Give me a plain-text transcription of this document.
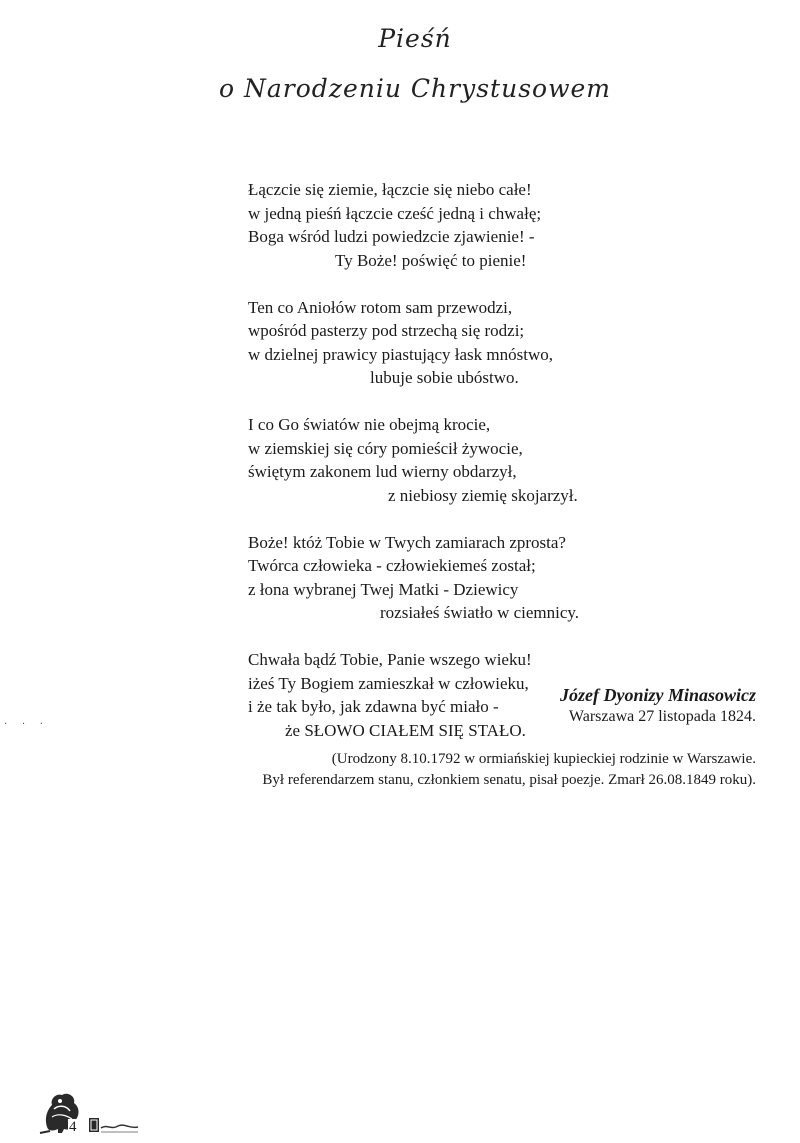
Pieśń
o Narodzeniu Chrystusowem
Łączcie się ziemie, łączcie się niebo całe!
w jedną pieśń łączcie cześć jedną i chwałę;
Boga wśród ludzi powiedzcie zjawienie! -
Ty Boże! poświęć to pienie!
Ten co Aniołów rotom sam przewodzi,
wpośród pasterzy pod strzechą się rodzi;
w dzielnej prawicy piastujący łask mnóstwo,
lubuje sobie ubóstwo.
I co Go światów nie obejmą krocie,
w ziemskiej się córy pomieścił żywocie,
świętym zakonem lud wierny obdarzył,
z niebiosy ziemię skojarzył.
Boże! któż Tobie w Twych zamiarach zprosta?
Twórca człowieka - człowiekiemeś został;
z łona wybranej Twej Matki - Dziewicy
rozsiałeś światło w ciemnicy.
Chwała bądź Tobie, Panie wszego wieku!
iżeś Ty Bogiem zamieszkał w człowieku,
i że tak było, jak zdawna być miało -
że SŁOWO CIAŁEM SIĘ STAŁO.
Józef Dyonizy Minasowicz
Warszawa 27 listopada 1824.
(Urodzony 8.10.1792 w ormiańskiej kupieckiej rodzinie w Warszawie.
Był referendarzem stanu, członkiem senatu, pisał poezje. Zmarł 26.08.1849 roku).
· · ·
4
